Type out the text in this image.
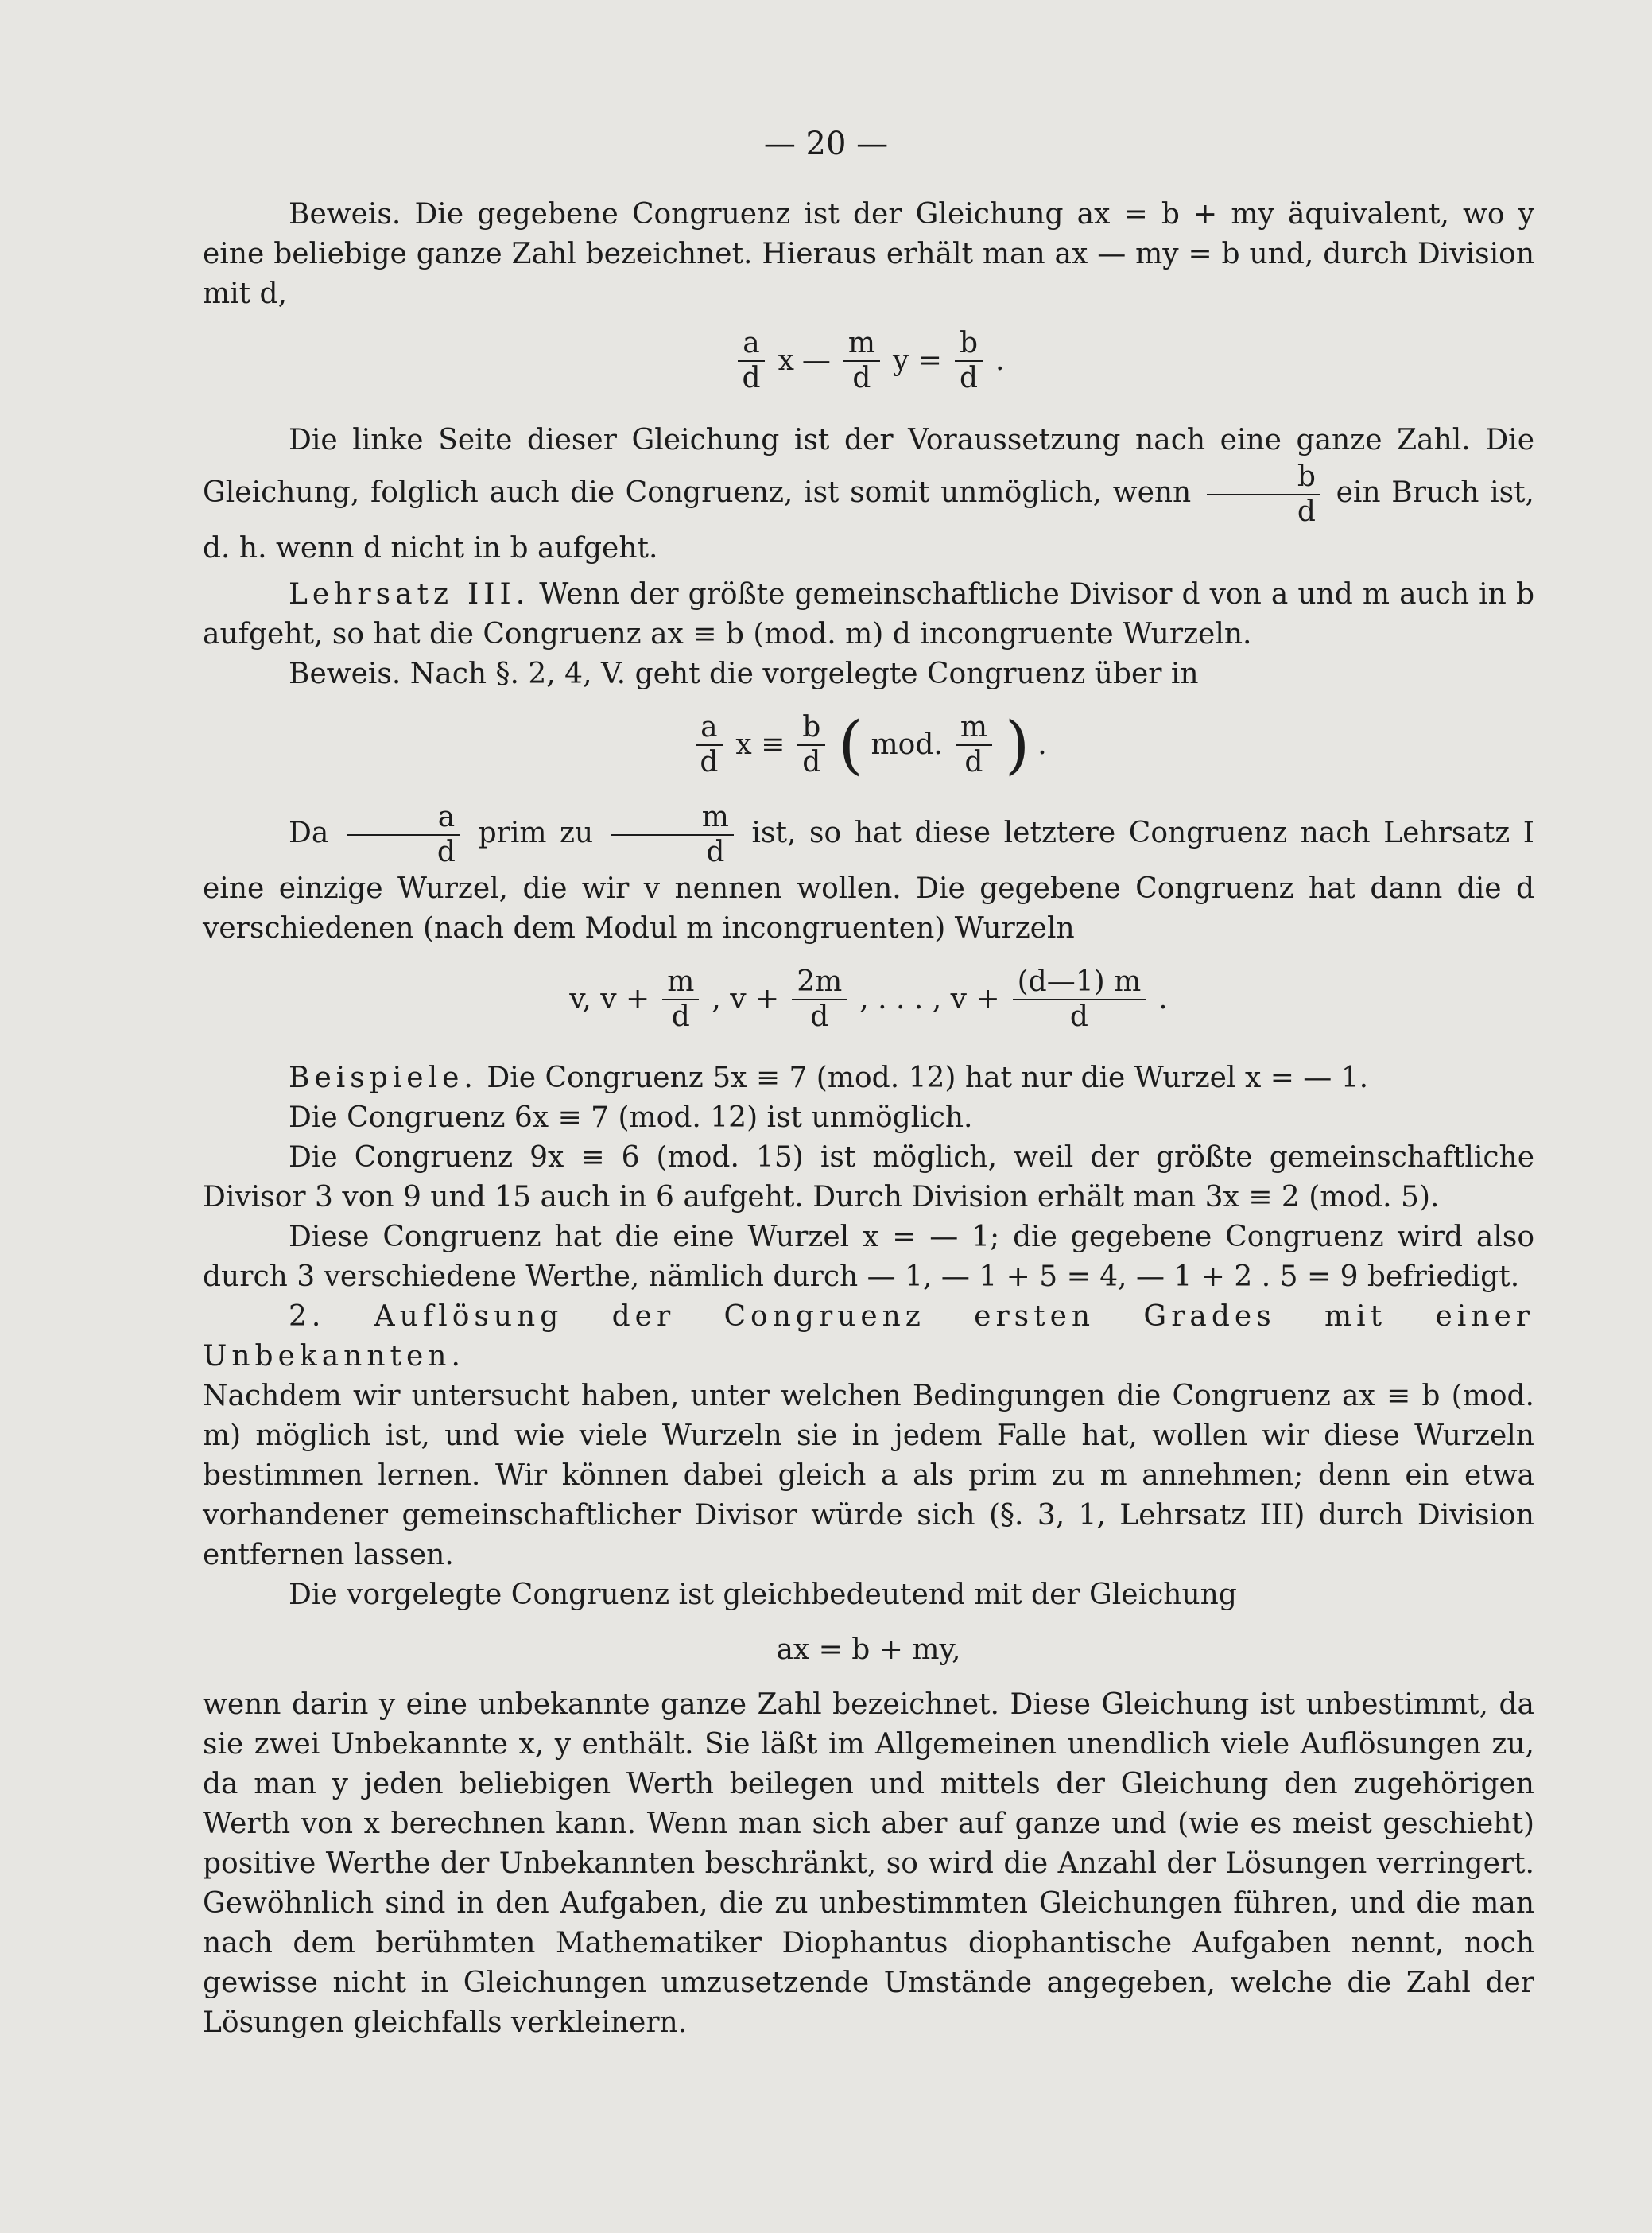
— 20 —

Beweis. Die gegebene Congruenz ist der Gleichung ax = b + my äquivalent, wo y eine beliebige ganze Zahl bezeichnet. Hieraus erhält man ax — my = b und, durch Division mit d,

$\frac{a}{d}$ x — $\frac{m}{d}$ $y = \frac{b}{d}$ .

Die linke Seite dieser Gleichung ist der Voraussetzung nach eine ganze Zahl. Die Gleichung, folglich auch die Congruenz, ist somit unmöglich, wenn $\frac{b}{d}$ ein Bruch ist, d. h. wenn d nicht in b aufgeht.

Lehrsatz III. Wenn der größte gemeinschaftliche Divisor d von a und m auch in b aufgeht, so hat die Congruenz ax ≡ b (mod. m) d incongruente Wurzeln.

Beweis. Nach §. 2, 4, V. geht die vorgelegte Congruenz über in

$\frac{a}{d}$ $x \equiv \frac{b}{d}$ ( mod. $\frac{m}{d}$ ) .

Da $\frac{a}{d}$ prim zu $\frac{m}{d}$ ist, so hat diese letztere Congruenz nach Lehrsatz I eine einzige Wurzel, die wir v nennen wollen. Die gegebene Congruenz hat dann die d verschiedenen (nach dem Modul m incongruenten) Wurzeln

v, $v + \frac{m}{d}$ , $v + \frac{2m}{d}$ , . . . , $v + \frac{(d—1) m}{d}$ .

Beispiele. Die Congruenz 5x ≡ 7 (mod. 12) hat nur die Wurzel x = — 1.

Die Congruenz 6x ≡ 7 (mod. 12) ist unmöglich.

Die Congruenz 9x ≡ 6 (mod. 15) ist möglich, weil der größte gemeinschaftliche Divisor 3 von 9 und 15 auch in 6 aufgeht. Durch Division erhält man 3x ≡ 2 (mod. 5).

Diese Congruenz hat die eine Wurzel x = — 1; die gegebene Congruenz wird also durch 3 verschiedene Werthe, nämlich durch — 1, — 1 + 5 = 4, — 1 + 2 . 5 = 9 befriedigt.

2. Auflösung der Congruenz ersten Grades mit einer Unbekannten.

Nachdem wir untersucht haben, unter welchen Bedingungen die Congruenz ax ≡ b (mod. m) möglich ist, und wie viele Wurzeln sie in jedem Falle hat, wollen wir diese Wurzeln bestimmen lernen. Wir können dabei gleich a als prim zu m annehmen; denn ein etwa vorhandener gemeinschaftlicher Divisor würde sich (§. 3, 1, Lehrsatz III) durch Division entfernen lassen.

Die vorgelegte Congruenz ist gleichbedeutend mit der Gleichung

ax = b + my,

wenn darin y eine unbekannte ganze Zahl bezeichnet. Diese Gleichung ist unbestimmt, da sie zwei Unbekannte x, y enthält. Sie läßt im Allgemeinen unendlich viele Auflösungen zu, da man y jeden beliebigen Werth beilegen und mittels der Gleichung den zugehörigen Werth von x berechnen kann. Wenn man sich aber auf ganze und (wie es meist geschieht) positive Werthe der Unbekannten beschränkt, so wird die Anzahl der Lösungen verringert. Gewöhnlich sind in den Aufgaben, die zu unbestimmten Gleichungen führen, und die man nach dem berühmten Mathematiker Diophantus diophantische Aufgaben nennt, noch gewisse nicht in Gleichungen umzusetzende Umstände angegeben, welche die Zahl der Lösungen gleichfalls verkleinern.
